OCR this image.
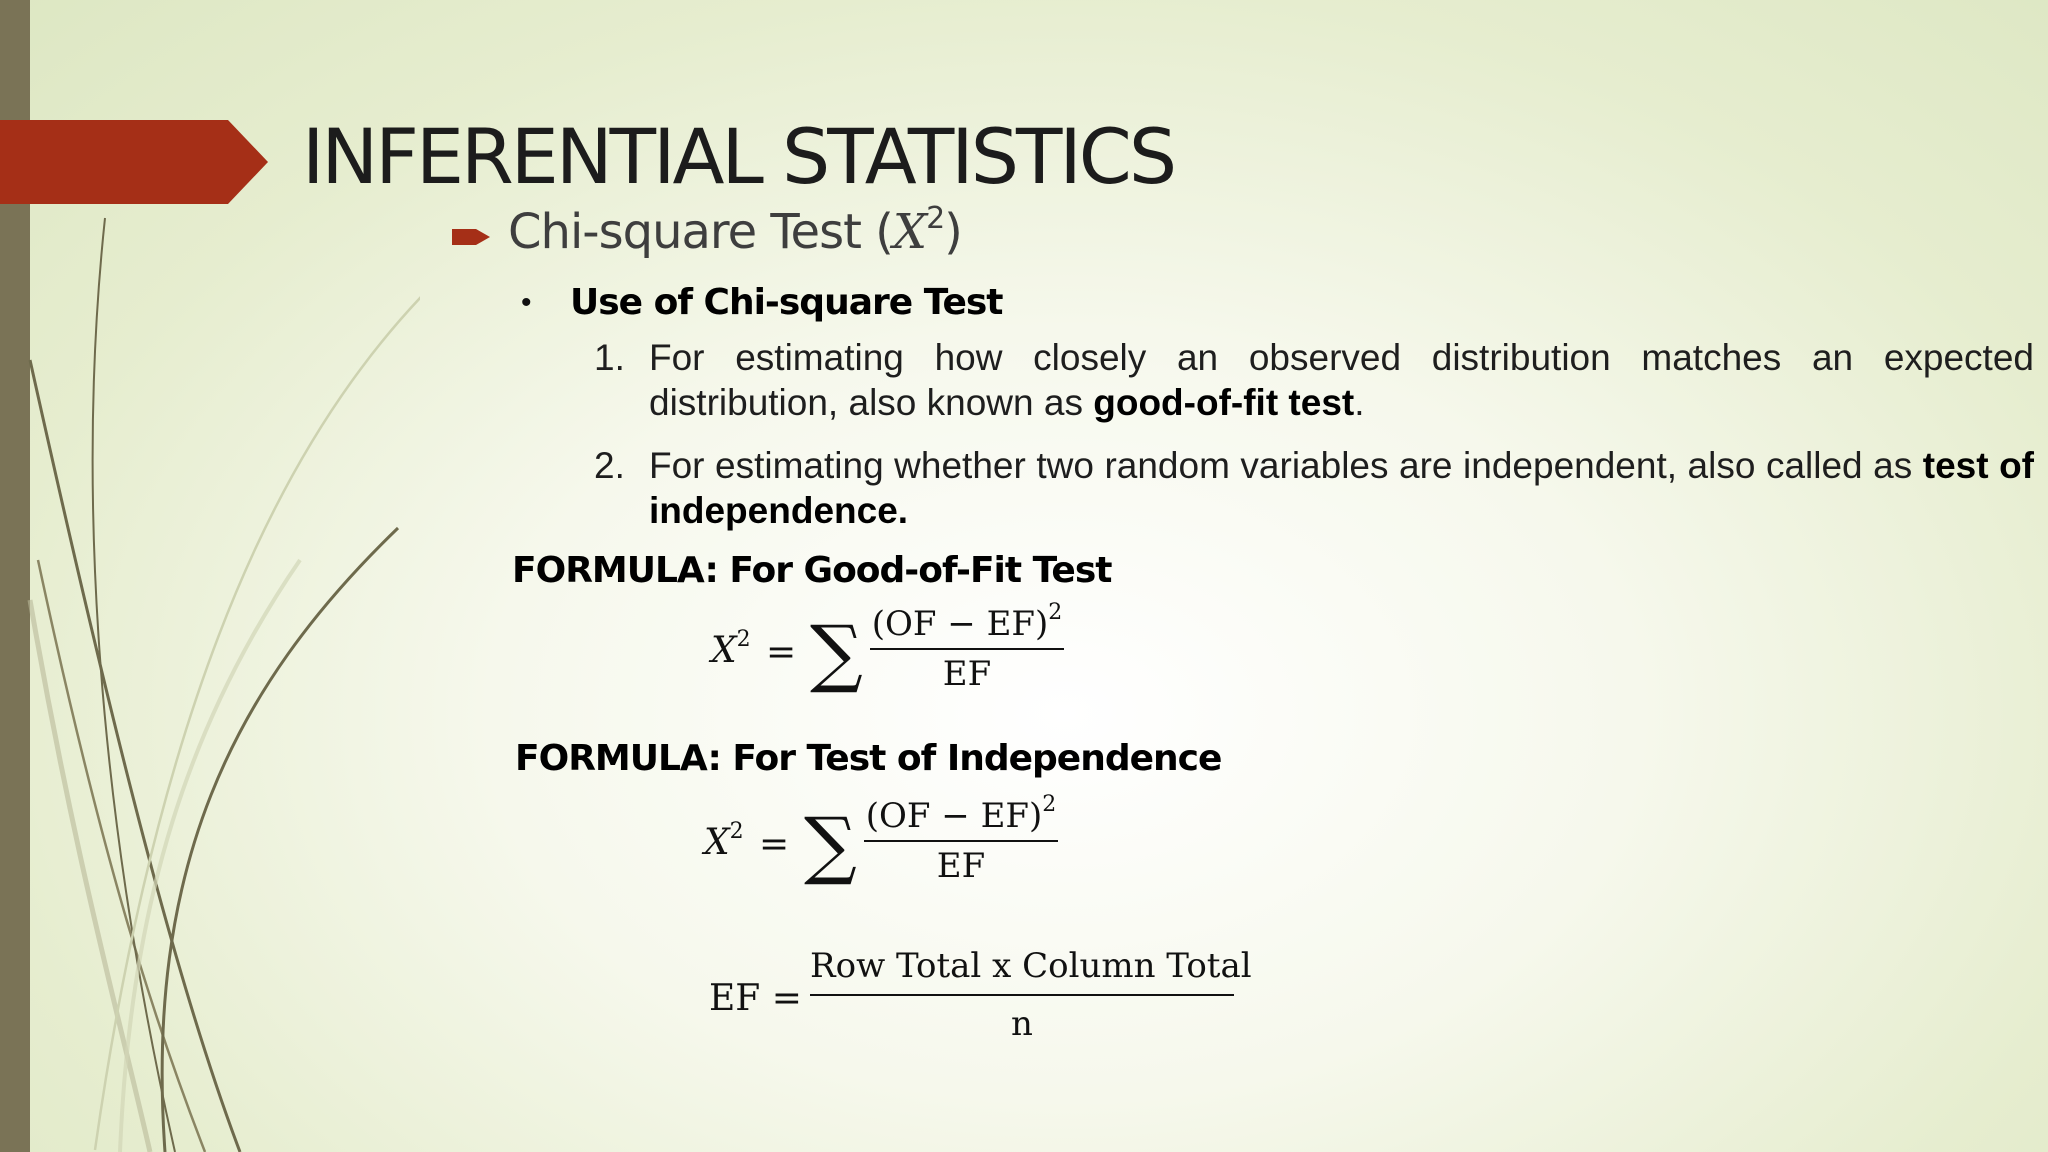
INFERENTIAL STATISTICS
Chi-square Test $(X^2)$
• Use of Chi-square Test
1. For estimating how closely an observed distribution matches an expected distribution, also known as good-of-fit test.
2. For estimating whether two random variables are independent, also called as test of independence.
FORMULA: For Good-of-Fit Test
$X^2$ = ∑ (OF − EF)$^2$
EF
FORMULA: For Test of Independence
$X^2$ = ∑ (OF − EF)$^2$
EF
EF =
Row Total x Column Total
n
